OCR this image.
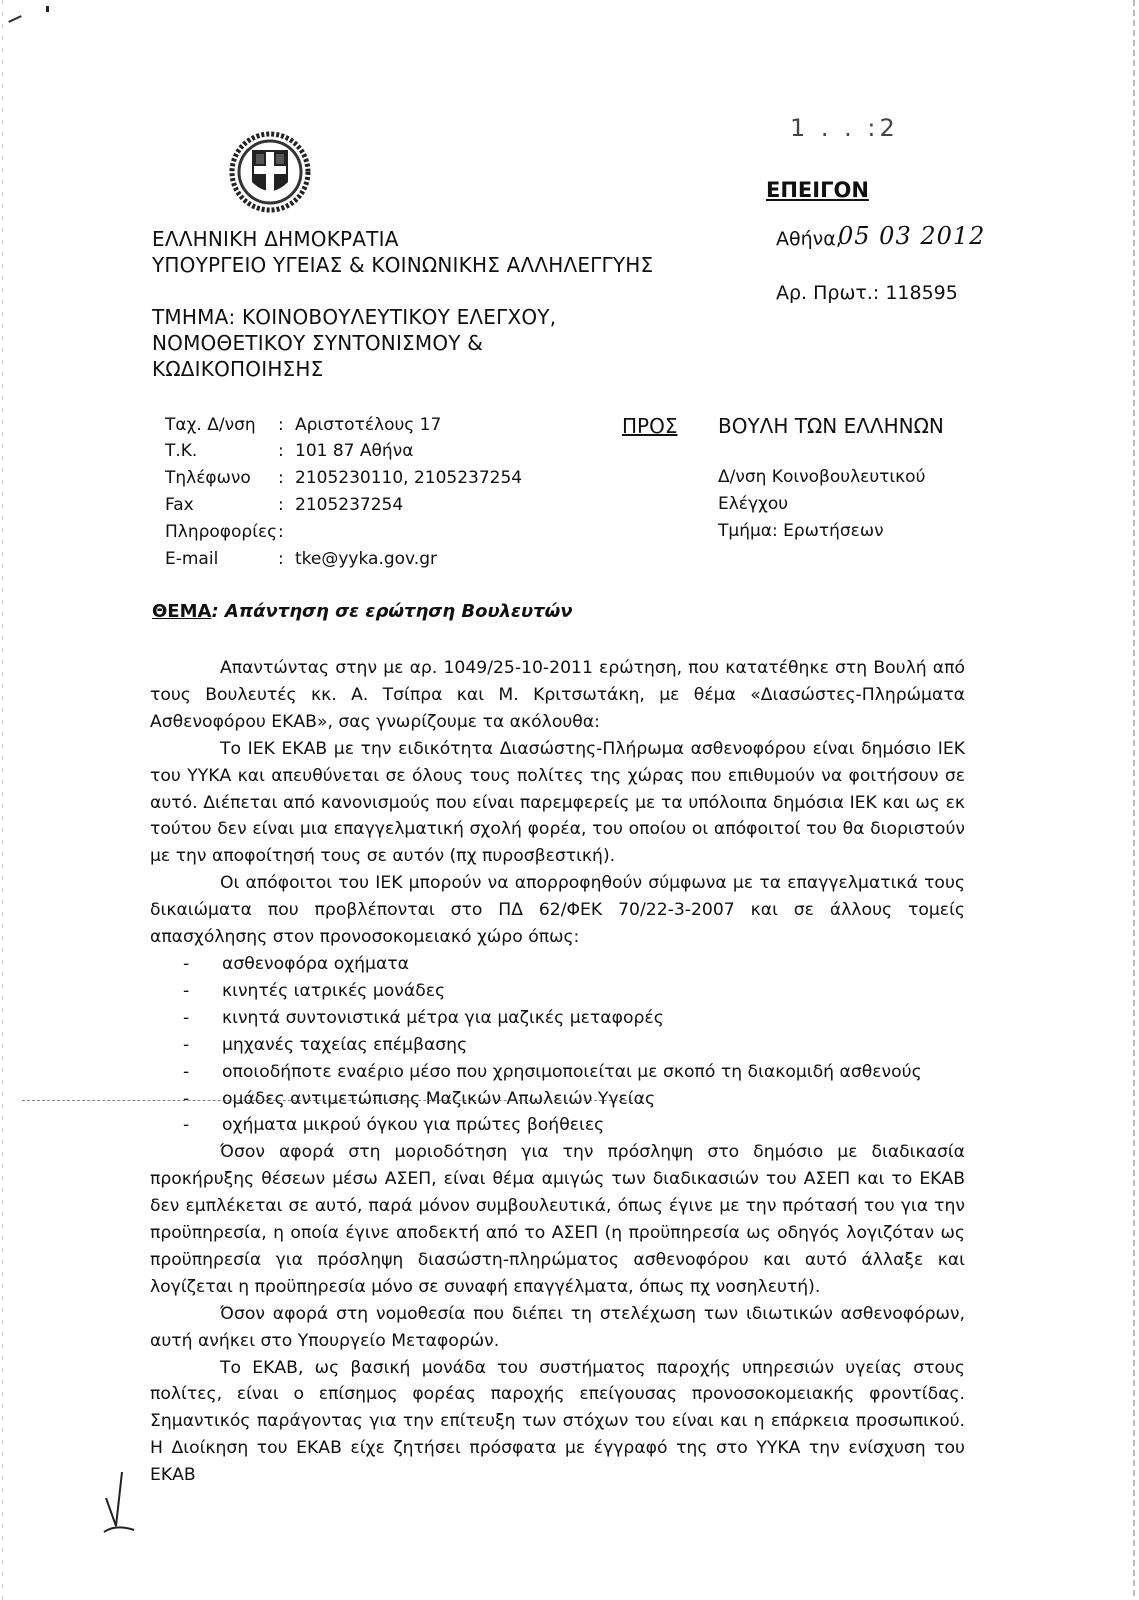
ΕΛΛΗΝΙΚΗ ΔΗΜΟΚΡΑΤΙΑ
ΥΠΟΥΡΓΕΙΟ ΥΓΕΙΑΣ & ΚΟΙΝΩΝΙΚΗΣ ΑΛΛΗΛΕΓΓΥΗΣ
ΤΜΗΜΑ: ΚΟΙΝΟΒΟΥΛΕΥΤΙΚΟΥ ΕΛΕΓΧΟΥ,
ΝΟΜΟΘΕΤΙΚΟΥ ΣΥΝΤΟΝΙΣΜΟΥ &
ΚΩΔΙΚΟΠΟΙΗΣΗΣ
1 . . :2
ΕΠΕΙΓΟΝ
Αθήνα,
05 03 2012
Αρ. Πρωτ.: 118595
Ταχ. Δ/νση : Αριστοτέλους 17
Τ.Κ.	: 101 87 Αθήνα
Τηλέφωνο : 2105230110, 2105237254
Fax	: 2105237254
Πληροφορίες :
E-mail	: tke@yyka.gov.gr
ΠΡΟΣ ΒΟΥΛΗ ΤΩΝ ΕΛΛΗΝΩΝ
Δ/νση Κοινοβουλευτικού
Ελέγχου
Τμήμα: Ερωτήσεων
ΘΕΜΑ: Απάντηση σε ερώτηση Βουλευτών

Απαντώντας στην με αρ. 1049/25-10-2011 ερώτηση, που κατατέθηκε στη Βουλή από τους Βουλευτές κκ. Α. Τσίπρα και Μ. Κριτσωτάκη, με θέμα «Διασώστες-Πληρώματα Ασθενοφόρου ΕΚΑΒ», σας γνωρίζουμε τα ακόλουθα:

Το ΙΕΚ ΕΚΑΒ με την ειδικότητα Διασώστης-Πλήρωμα ασθενοφόρου είναι δημόσιο ΙΕΚ του ΥΥΚΑ και απευθύνεται σε όλους τους πολίτες της χώρας που επιθυμούν να φοιτήσουν σε αυτό. Διέπεται από κανονισμούς που είναι παρεμφερείς με τα υπόλοιπα δημόσια ΙΕΚ και ως εκ τούτου δεν είναι μια επαγγελματική σχολή φορέα, του οποίου οι απόφοιτοί του θα διοριστούν με την αποφοίτησή τους σε αυτόν (πχ πυροσβεστική).

Οι απόφοιτοι του ΙΕΚ μπορούν να απορροφηθούν σύμφωνα με τα επαγγελματικά τους δικαιώματα που προβλέπονται στο ΠΔ 62/ΦΕΚ 70/22-3-2007 και σε άλλους τομείς απασχόλησης στον προνοσοκομειακό χώρο όπως:

- ασθενοφόρα οχήματα
- κινητές ιατρικές μονάδες
- κινητά συντονιστικά μέτρα για μαζικές μεταφορές
- μηχανές ταχείας επέμβασης
- οποιοδήποτε εναέριο μέσο που χρησιμοποιείται με σκοπό τη διακομιδή ασθενούς
- ομάδες αντιμετώπισης Μαζικών Απωλειών Υγείας
- οχήματα μικρού όγκου για πρώτες βοήθειες

Όσον αφορά στη μοριοδότηση για την πρόσληψη στο δημόσιο με διαδικασία προκήρυξης θέσεων μέσω ΑΣΕΠ, είναι θέμα αμιγώς των διαδικασιών του ΑΣΕΠ και το ΕΚΑΒ δεν εμπλέκεται σε αυτό, παρά μόνον συμβουλευτικά, όπως έγινε με την πρότασή του για την προϋπηρεσία, η οποία έγινε αποδεκτή από το ΑΣΕΠ (η προϋπηρεσία ως οδηγός λογιζόταν ως προϋπηρεσία για πρόσληψη διασώστη-πληρώματος ασθενοφόρου και αυτό άλλαξε και λογίζεται η προϋπηρεσία μόνο σε συναφή επαγγέλματα, όπως πχ νοσηλευτή).

Όσον αφορά στη νομοθεσία που διέπει τη στελέχωση των ιδιωτικών ασθενοφόρων, αυτή ανήκει στο Υπουργείο Μεταφορών.

Το ΕΚΑΒ, ως βασική μονάδα του συστήματος παροχής υπηρεσιών υγείας στους πολίτες, είναι ο επίσημος φορέας παροχής επείγουσας προνοσοκομειακής φροντίδας. Σημαντικός παράγοντας για την επίτευξη των στόχων του είναι και η επάρκεια προσωπικού. Η Διοίκηση του ΕΚΑΒ είχε ζητήσει πρόσφατα με έγγραφό της στο ΥΥΚΑ την ενίσχυση του ΕΚΑΒ
